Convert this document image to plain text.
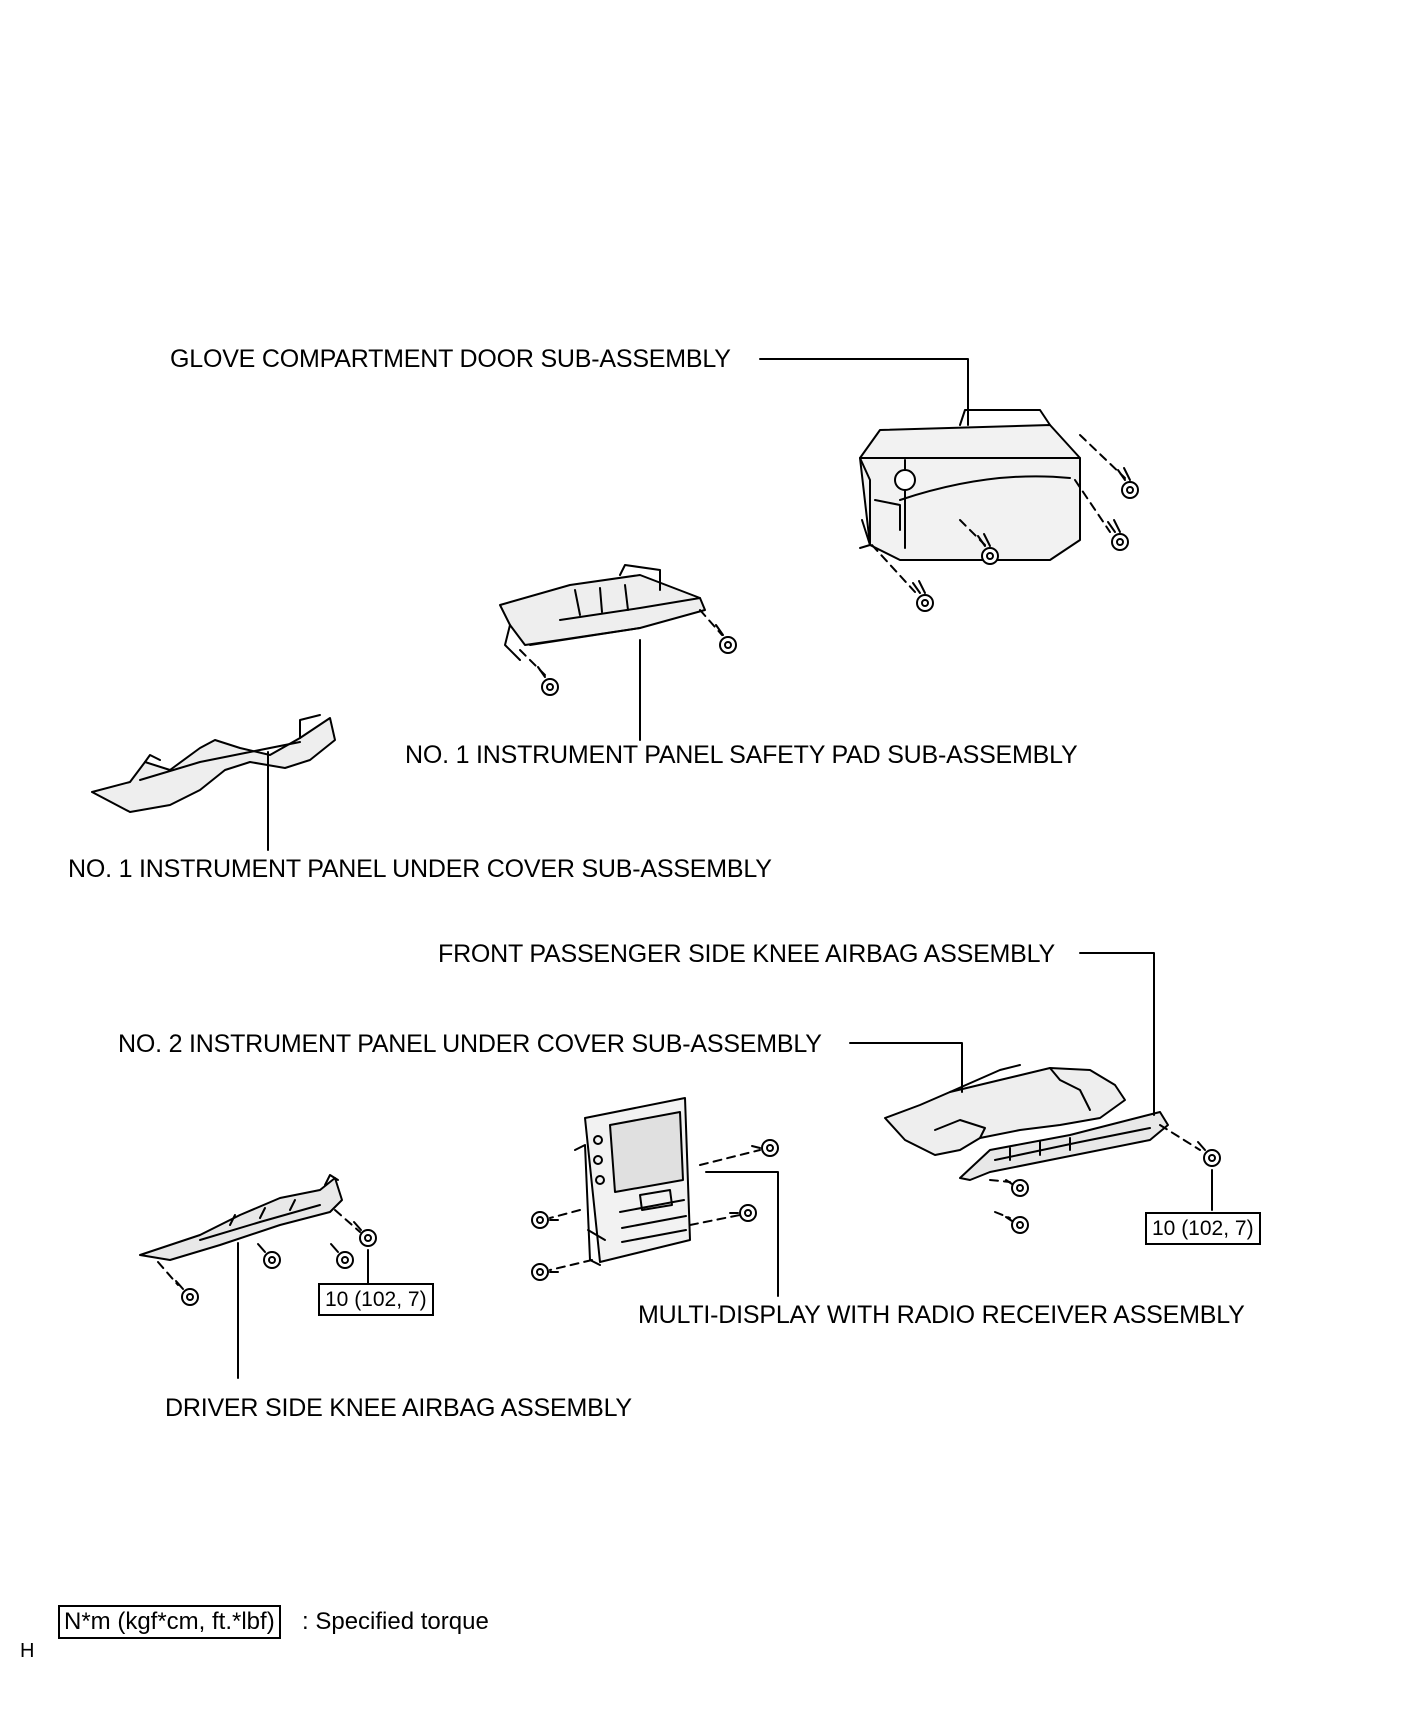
GLOVE COMPARTMENT DOOR SUB-ASSEMBLY
NO. 1 INSTRUMENT PANEL SAFETY PAD SUB-ASSEMBLY
NO. 1 INSTRUMENT PANEL UNDER COVER SUB-ASSEMBLY
FRONT PASSENGER SIDE KNEE AIRBAG ASSEMBLY
NO. 2 INSTRUMENT PANEL UNDER COVER SUB-ASSEMBLY
MULTI-DISPLAY WITH RADIO RECEIVER ASSEMBLY
DRIVER SIDE KNEE AIRBAG ASSEMBLY
10 (102, 7)
10 (102, 7)
N*m (kgf*cm, ft.*lbf) : Specified torque
H
